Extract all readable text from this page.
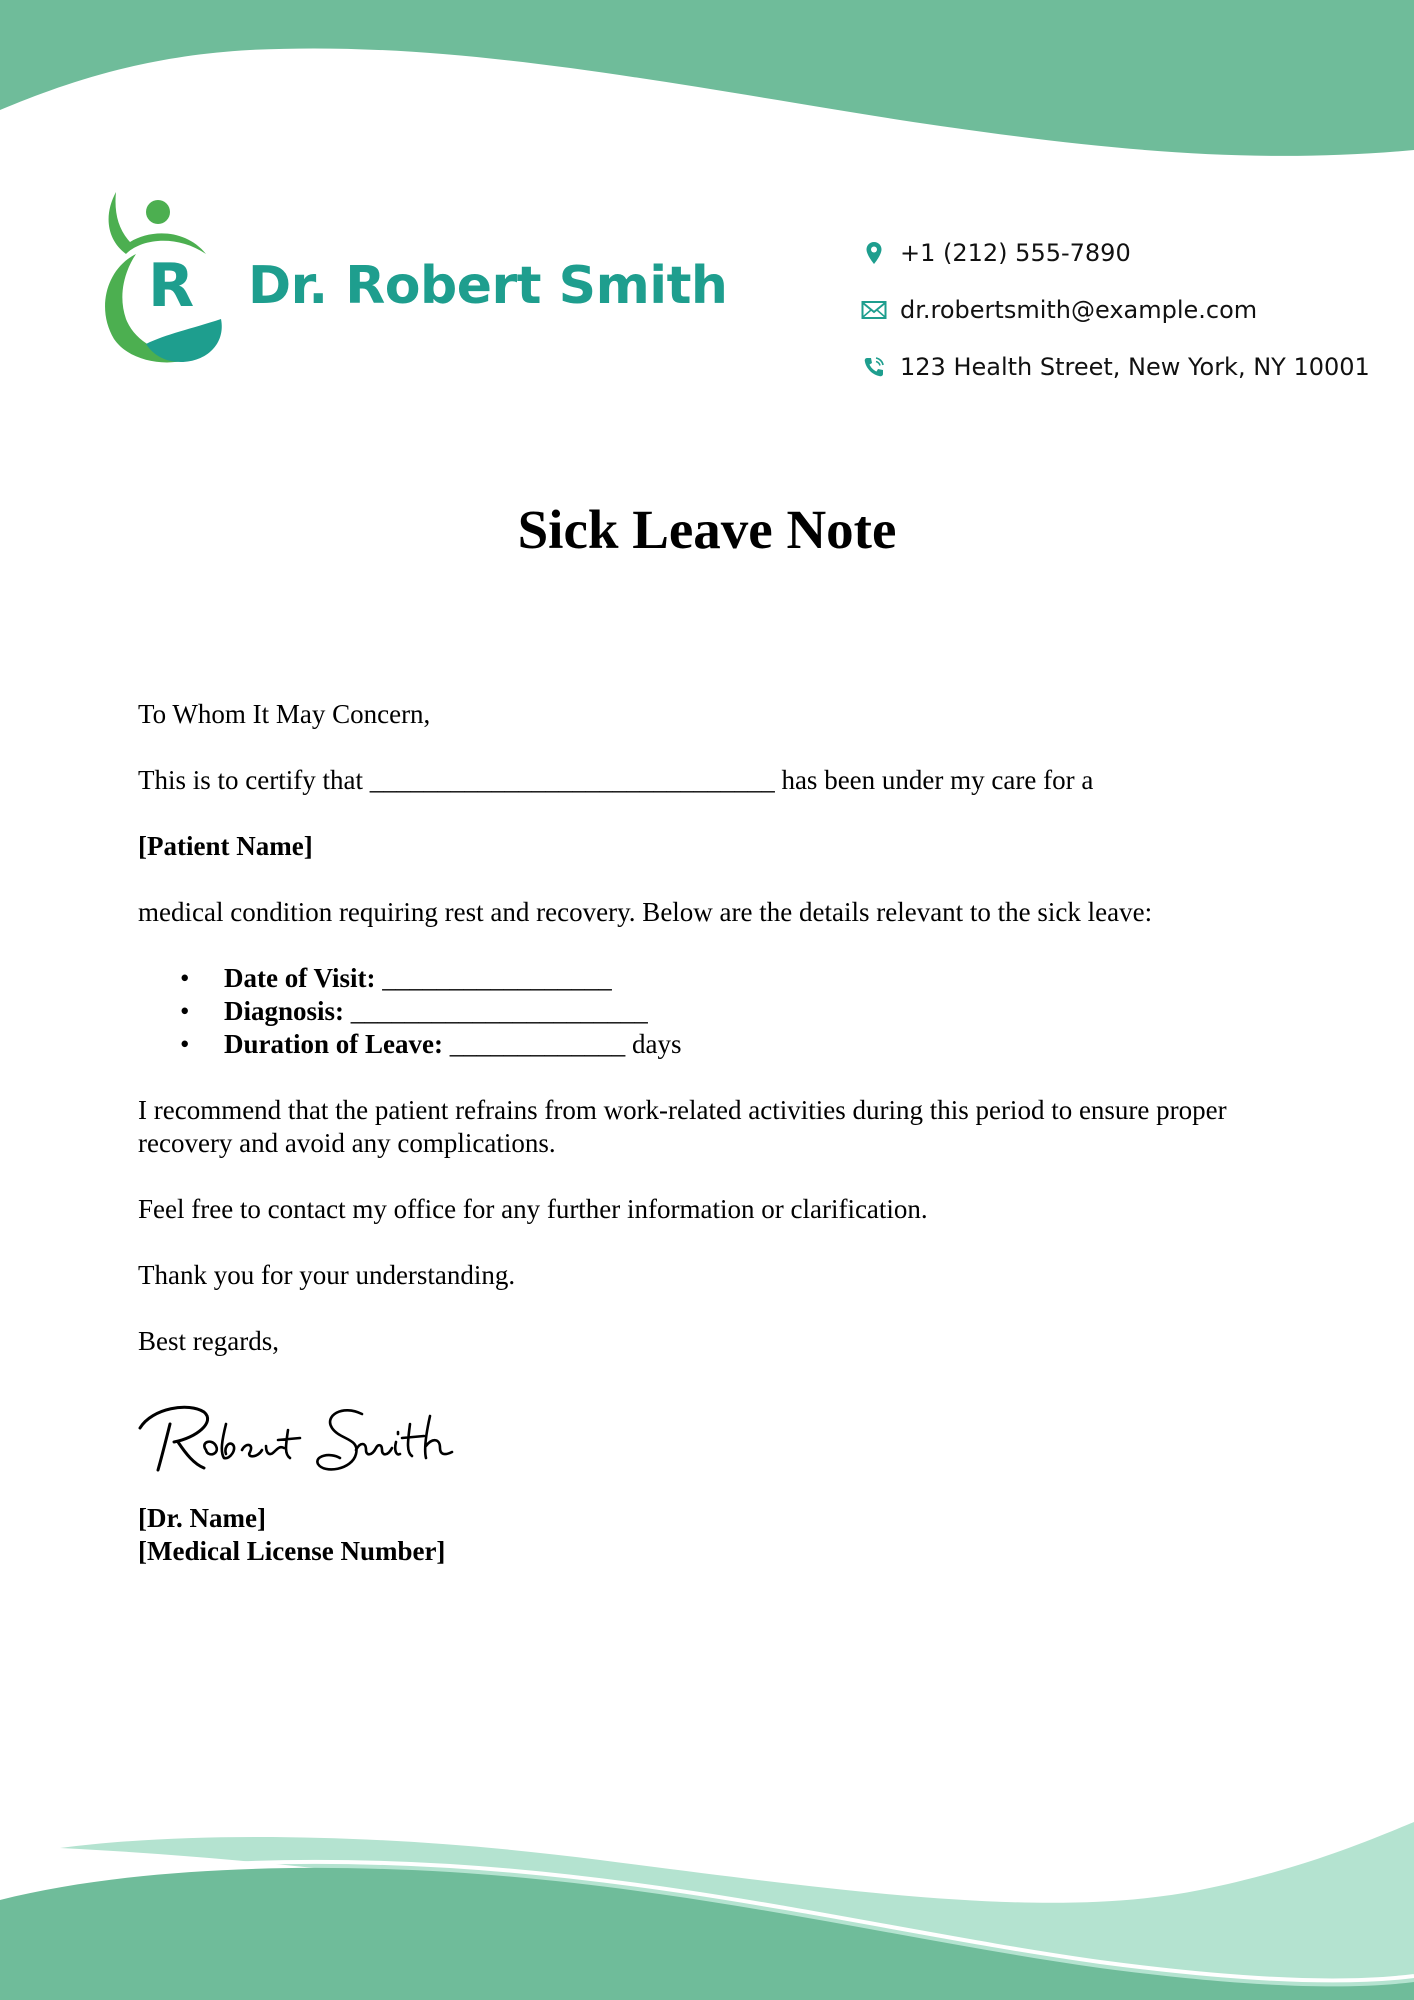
R Dr. Robert Smith
+1 (212) 555-7890
dr.robertsmith@example.com
123 Health Street, New York, NY 10001
Sick Leave Note

To Whom It May Concern,

This is to certify that ______________________________ has been under my care for a

[Patient Name]

medical condition requiring rest and recovery. Below are the details relevant to the sick leave:

• Date of Visit: _________________
• Diagnosis: ______________________
• Duration of Leave: _____________ days

I recommend that the patient refrains from work-related activities during this period to ensure proper recovery and avoid any complications.

Feel free to contact my office for any further information or clarification.

Thank you for your understanding.

Best regards,

[Dr. Name]
[Medical License Number]
